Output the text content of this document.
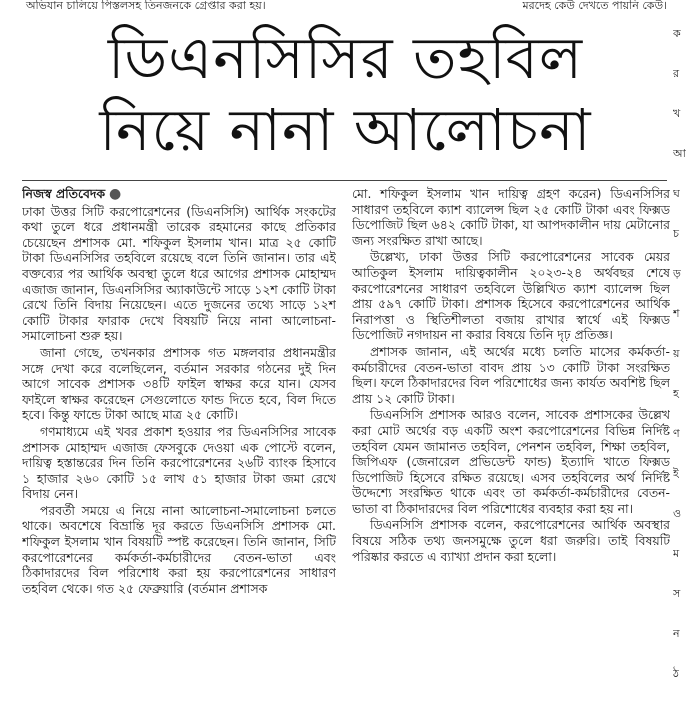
অভিযান চালিয়ে পিস্তলসহ তিনজনকে গ্রেপ্তার করা হয়।	মরদেহ কেউ দেখতে পায়নি কেউ।
ডিএনসিসির তহবিল
নিয়ে নানা আলোচনা

নিজস্ব প্রতিবেদক ●

ঢাকা উত্তর সিটি করপোরেশনের (ডিএনসিসি) আর্থিক সংকটের কথা তুলে ধরে প্রধানমন্ত্রী তারেক রহমানের কাছে প্রতিকার চেয়েছেন প্রশাসক মো. শফিকুল ইসলাম খান। মাত্র ২৫ কোটি টাকা ডিএনসিসির তহবিলে রয়েছে বলে তিনি জানান। তার এই বক্তব্যের পর আর্থিক অবস্থা তুলে ধরে আগের প্রশাসক মোহাম্মদ এজাজ জানান, ডিএনসিসির অ্যাকাউন্টে সাড়ে ১২শ কোটি টাকা রেখে তিনি বিদায় নিয়েছেন। এতে দুজনের তথ্যে সাড়ে ১২শ কোটি টাকার ফারাক দেখে বিষয়টি নিয়ে নানা আলোচনা-সমালোচনা শুরু হয়।

জানা গেছে, তখনকার প্রশাসক গত মঙ্গলবার প্রধানমন্ত্রীর সঙ্গে দেখা করে বলেছিলেন, বর্তমান সরকার গঠনের দুই দিন আগে সাবেক প্রশাসক ৩৪টি ফাইল স্বাক্ষর করে যান। যেসব ফাইলে স্বাক্ষর করেছেন সেগুলোতে ফান্ড দিতে হবে, বিল দিতে হবে। কিন্তু ফান্ডে টাকা আছে মাত্র ২৫ কোটি।

গণমাধ্যমে এই খবর প্রকাশ হওয়ার পর ডিএনসিসির সাবেক প্রশাসক মোহাম্মদ এজাজ ফেসবুকে দেওয়া এক পোস্টে বলেন, দায়িত্ব হস্তান্তরের দিন তিনি করপোরেশনের ২৬টি ব্যাংক হিসাবে ১ হাজার ২৬০ কোটি ১৫ লাখ ৫১ হাজার টাকা জমা রেখে বিদায় নেন।

পরবর্তী সময়ে এ নিয়ে নানা আলোচনা-সমালোচনা চলতে থাকে। অবশেষে বিভ্রান্তি দূর করতে ডিএনসিসি প্রশাসক মো. শফিকুল ইসলাম খান বিষয়টি স্পষ্ট করেছেন। তিনি জানান, সিটি করপোরেশনের কর্মকর্তা-কর্মচারীদের বেতন-ভাতা এবং ঠিকাদারদের বিল পরিশোধ করা হয় করপোরেশনের সাধারণ তহবিল থেকে। গত ২৫ ফেব্রুয়ারি (বর্তমান প্রশাসক

মো. শফিকুল ইসলাম খান দায়িত্ব গ্রহণ করেন) ডিএনসিসির সাধারণ তহবিলে ক্যাশ ব্যালেন্স ছিল ২৫ কোটি টাকা এবং ফিক্সড ডিপোজিট ছিল ৬৪২ কোটি টাকা, যা আপদকালীন দায় মেটানোর জন্য সংরক্ষিত রাখা আছে।

উল্লেখ্য, ঢাকা উত্তর সিটি করপোরেশনের সাবেক মেয়র আতিকুল ইসলাম দায়িত্বকালীন ২০২৩-২৪ অর্থবছর শেষে করপোরেশনের সাধারণ তহবিলে উল্লিখিত ক্যাশ ব্যালেন্স ছিল প্রায় ৫৯৭ কোটি টাকা। প্রশাসক হিসেবে করপোরেশনের আর্থিক নিরাপত্তা ও স্থিতিশীলতা বজায় রাখার স্বার্থে এই ফিক্সড ডিপোজিট নগদায়ন না করার বিষয়ে তিনি দৃঢ় প্রতিজ্ঞ।

প্রশাসক জানান, এই অর্থের মধ্যে চলতি মাসের কর্মকর্তা-কর্মচারীদের বেতন-ভাতা বাবদ প্রায় ১৩ কোটি টাকা সংরক্ষিত ছিল। ফলে ঠিকাদারদের বিল পরিশোধের জন্য কার্যত অবশিষ্ট ছিল প্রায় ১২ কোটি টাকা।

ডিএনসিসি প্রশাসক আরও বলেন, সাবেক প্রশাসকের উল্লেখ করা মোট অর্থের বড় একটি অংশ করপোরেশনের বিভিন্ন নির্দিষ্ট তহবিল যেমন জামানত তহবিল, পেনশন তহবিল, শিক্ষা তহবিল, জিপিএফ (জেনারেল প্রভিডেন্ট ফান্ড) ইত্যাদি খাতে ফিক্সড ডিপোজিট হিসেবে রক্ষিত রয়েছে। এসব তহবিলের অর্থ নির্দিষ্ট উদ্দেশ্যে সংরক্ষিত থাকে এবং তা কর্মকর্তা-কর্মচারীদের বেতন-ভাতা বা ঠিকাদারদের বিল পরিশোধের ব্যবহার করা হয় না।

ডিএনসিসি প্রশাসক বলেন, করপোরেশনের আর্থিক অবস্থার বিষয়ে সঠিক তথ্য জনসমুক্ষে তুলে ধরা জরুরি। তাই বিষয়টি পরিষ্কার করতে এ ব্যাখ্যা প্রদান করা হলো।

ক
র
খ
আ
ঘ
চ
ড়
শ
য়
হ
ণ
ই
ও
ম
স
ন
ঠ
